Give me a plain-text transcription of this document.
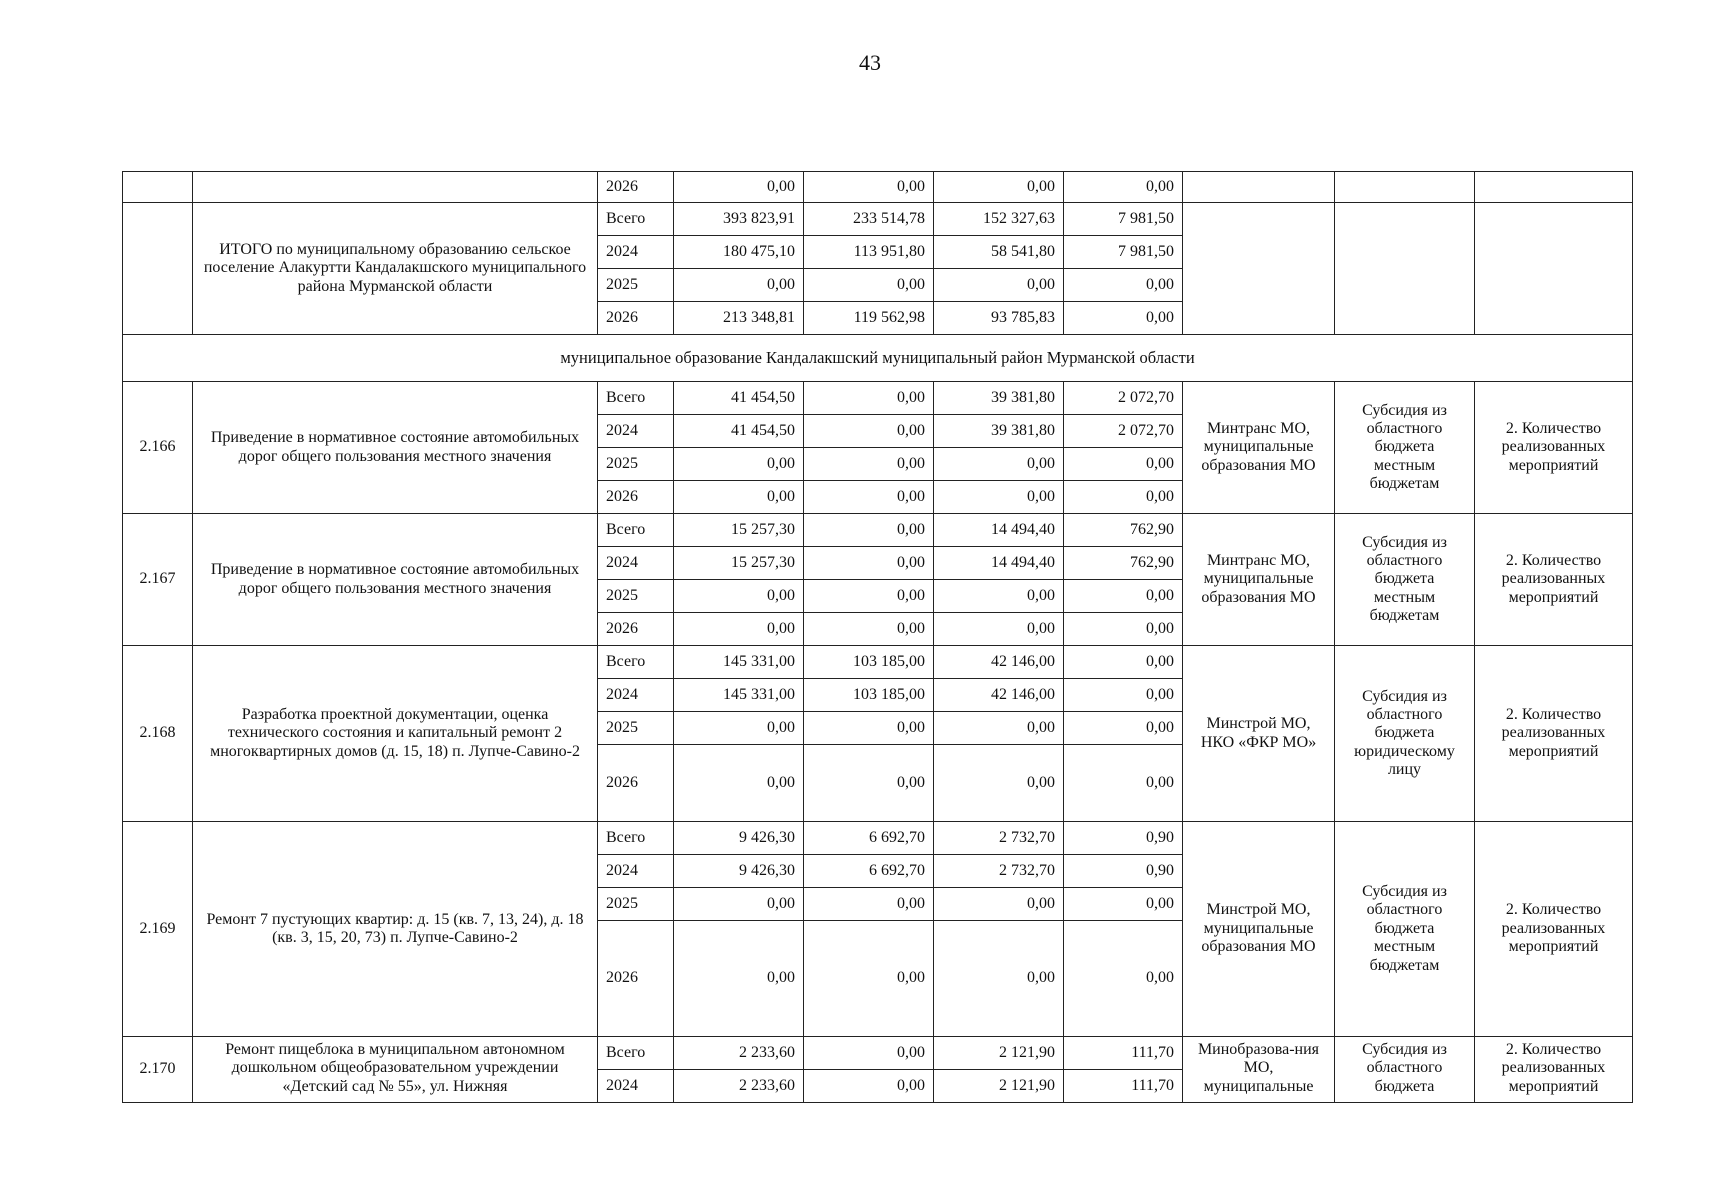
43
		2026	0,00	0,00	0,00	0,00			
	ИТОГО по муниципальному образованию сельское поселение Алакуртти Кандалакшского муниципального района Мурманской области	Всего	393 823,91	233 514,78	152 327,63	7 981,50			
		2024	180 475,10	113 951,80	58 541,80	7 981,50			
		2025	0,00	0,00	0,00	0,00			
		2026	213 348,81	119 562,98	93 785,83	0,00			
муниципальное образование Кандалакшский муниципальный район Мурманской области									
2.166	Приведение в нормативное состояние автомобильных дорог общего пользования местного значения	Всего	41 454,50	0,00	39 381,80	2 072,70	Минтранс МО, муниципальные образования МО	Субсидия из областного бюджета местным бюджетам	2. Количество реализованных мероприятий
		2024	41 454,50	0,00	39 381,80	2 072,70			
		2025	0,00	0,00	0,00	0,00			
		2026	0,00	0,00	0,00	0,00			
2.167	Приведение в нормативное состояние автомобильных дорог общего пользования местного значения	Всего	15 257,30	0,00	14 494,40	762,90	Минтранс МО, муниципальные образования МО	Субсидия из областного бюджета местным бюджетам	2. Количество реализованных мероприятий
		2024	15 257,30	0,00	14 494,40	762,90			
		2025	0,00	0,00	0,00	0,00			
		2026	0,00	0,00	0,00	0,00			
2.168	Разработка проектной документации, оценка технического состояния и капитальный ремонт 2 многоквартирных домов (д. 15, 18) п. Лупче-Савино-2	Всего	145 331,00	103 185,00	42 146,00	0,00	Минстрой МО, НКО «ФКР МО»	Субсидия из областного бюджета юридическому лицу	2. Количество реализованных мероприятий
		2024	145 331,00	103 185,00	42 146,00	0,00			
		2025	0,00	0,00	0,00	0,00			
		2026	0,00	0,00	0,00	0,00			
2.169	Ремонт 7 пустующих квартир: д. 15 (кв. 7, 13, 24), д. 18 (кв. 3, 15, 20, 73) п. Лупче-Савино-2	Всего	9 426,30	6 692,70	2 732,70	0,90	Минстрой МО, муниципальные образования МО	Субсидия из областного бюджета местным бюджетам	2. Количество реализованных мероприятий
		2024	9 426,30	6 692,70	2 732,70	0,90			
		2025	0,00	0,00	0,00	0,00			
		2026	0,00	0,00	0,00	0,00			
2.170	Ремонт пищеблока в муниципальном автономном дошкольном общеобразовательном учреждении «Детский сад № 55», ул. Нижняя	Всего	2 233,60	0,00	2 121,90	111,70	Минобразова-ния МО, муниципальные	Субсидия из областного бюджета	2. Количество реализованных мероприятий
		2024	2 233,60	0,00	2 121,90	111,70			
